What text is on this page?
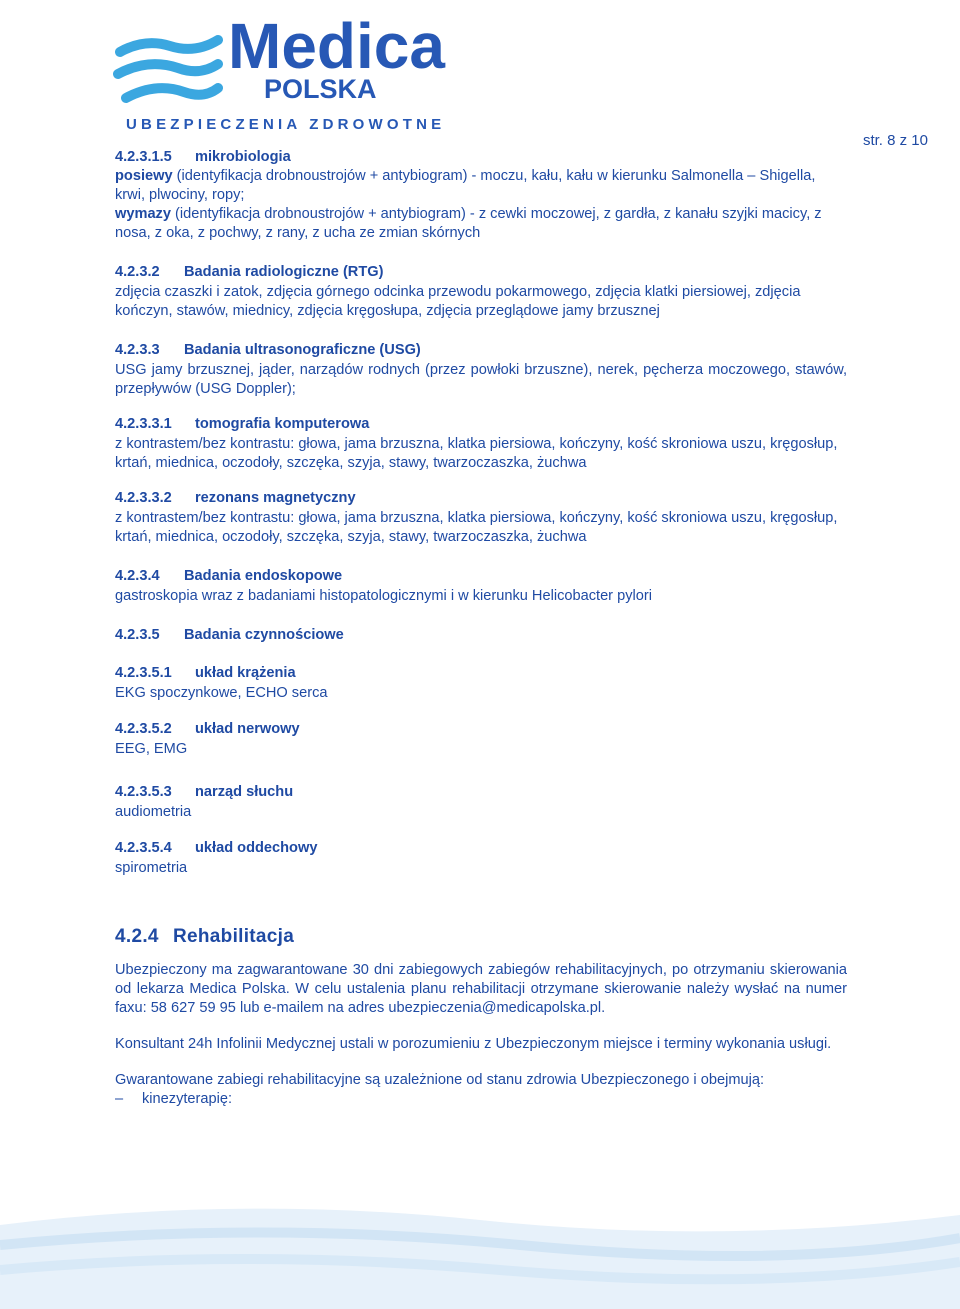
Medica
POLSKA
UBEZPIECZENIA ZDROWOTNE
str. 8 z 10
4.2.3.1.5 mikrobiologia
posiewy (identyfikacja drobnoustrojów + antybiogram) - moczu, kału, kału w kierunku Salmonella – Shigella, krwi, plwociny, ropy;
wymazy (identyfikacja drobnoustrojów + antybiogram) - z cewki moczowej, z gardła, z kanału szyjki macicy, z nosa, z oka, z pochwy, z rany, z ucha ze zmian skórnych
4.2.3.2 Badania radiologiczne (RTG)
zdjęcia czaszki i zatok, zdjęcia górnego odcinka przewodu pokarmowego, zdjęcia klatki piersiowej, zdjęcia kończyn, stawów, miednicy, zdjęcia kręgosłupa, zdjęcia przeglądowe jamy brzusznej
4.2.3.3 Badania ultrasonograficzne (USG)
USG jamy brzusznej, jąder, narządów rodnych (przez powłoki brzuszne), nerek, pęcherza moczowego, stawów, przepływów (USG Doppler);
4.2.3.3.1 tomografia komputerowa
z kontrastem/bez kontrastu: głowa, jama brzuszna, klatka piersiowa, kończyny, kość skroniowa uszu, kręgosłup, krtań, miednica, oczodoły, szczęka, szyja, stawy, twarzoczaszka, żuchwa
4.2.3.3.2 rezonans magnetyczny
z kontrastem/bez kontrastu: głowa, jama brzuszna, klatka piersiowa, kończyny, kość skroniowa uszu, kręgosłup, krtań, miednica, oczodoły, szczęka, szyja, stawy, twarzoczaszka, żuchwa
4.2.3.4 Badania endoskopowe
gastroskopia wraz z badaniami histopatologicznymi i w kierunku Helicobacter pylori
4.2.3.5 Badania czynnościowe
4.2.3.5.1 układ krążenia
EKG spoczynkowe, ECHO serca
4.2.3.5.2 układ nerwowy
EEG, EMG
4.2.3.5.3 narząd słuchu
audiometria
4.2.3.5.4 układ oddechowy
spirometria
4.2.4 Rehabilitacja
Ubezpieczony ma zagwarantowane 30 dni zabiegowych zabiegów rehabilitacyjnych, po otrzymaniu skierowania od lekarza Medica Polska. W celu ustalenia planu rehabilitacji otrzymane skierowanie należy wysłać na numer faxu: 58 627 59 95 lub e-mailem na adres ubezpieczenia@medicapolska.pl.
Konsultant 24h Infolinii Medycznej ustali w porozumieniu z Ubezpieczonym miejsce i terminy wykonania usługi.
Gwarantowane zabiegi rehabilitacyjne są uzależnione od stanu zdrowia Ubezpieczonego i obejmują:
– kinezyterapię:
